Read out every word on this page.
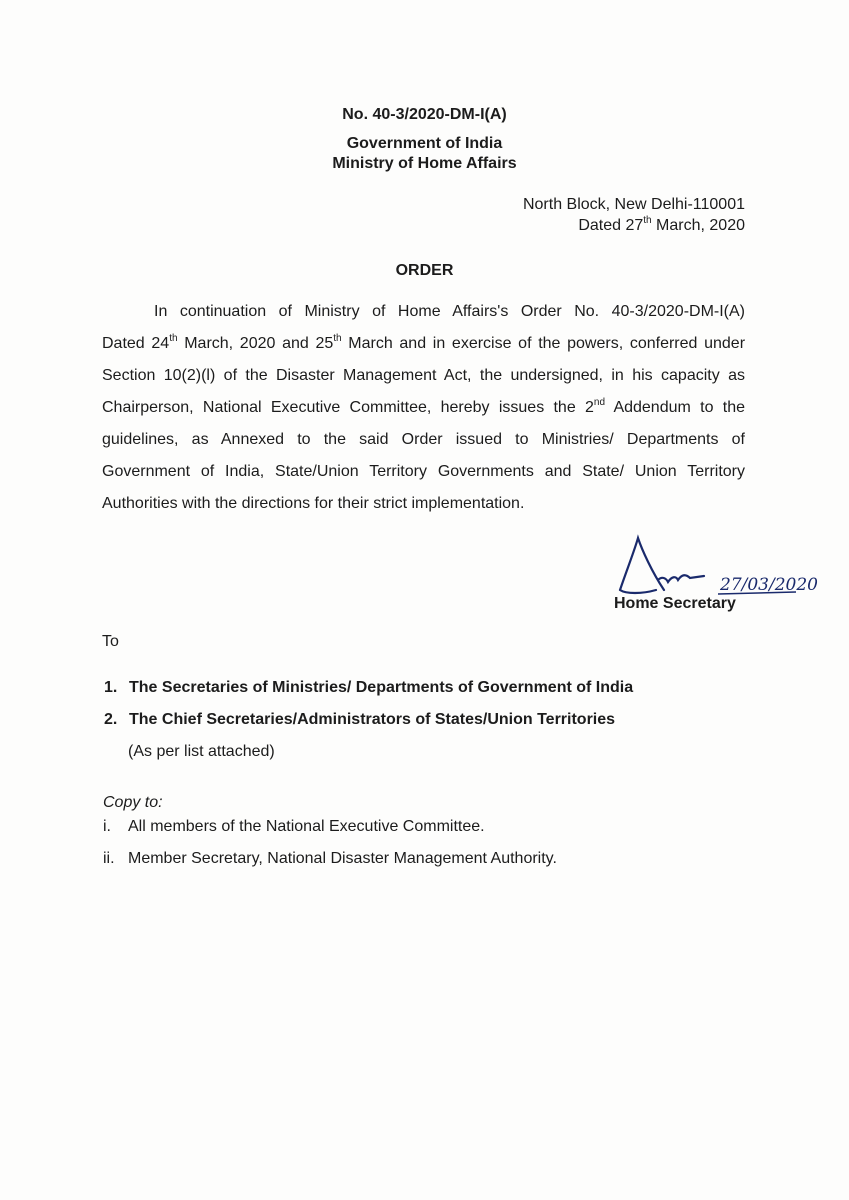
No. 40-3/2020-DM-I(A)
Government of India
Ministry of Home Affairs
North Block, New Delhi-110001
Dated 27th March, 2020
ORDER
In continuation of Ministry of Home Affairs's Order No. 40-3/2020-DM-I(A)
Dated 24th March, 2020 and 25th March and in exercise of the powers, conferred under
Section 10(2)(l) of the Disaster Management Act, the undersigned, in his capacity as
Chairperson, National Executive Committee, hereby issues the 2nd Addendum to the
guidelines, as Annexed to the said Order issued to Ministries/ Departments of
Government of India, State/Union Territory Governments and State/ Union Territory
Authorities with the directions for their strict implementation.
27/03/2020
Home Secretary
To
1. The Secretaries of Ministries/ Departments of Government of India
2. The Chief Secretaries/Administrators of States/Union Territories
(As per list attached)
Copy to:
i. All members of the National Executive Committee.
ii. Member Secretary, National Disaster Management Authority.
